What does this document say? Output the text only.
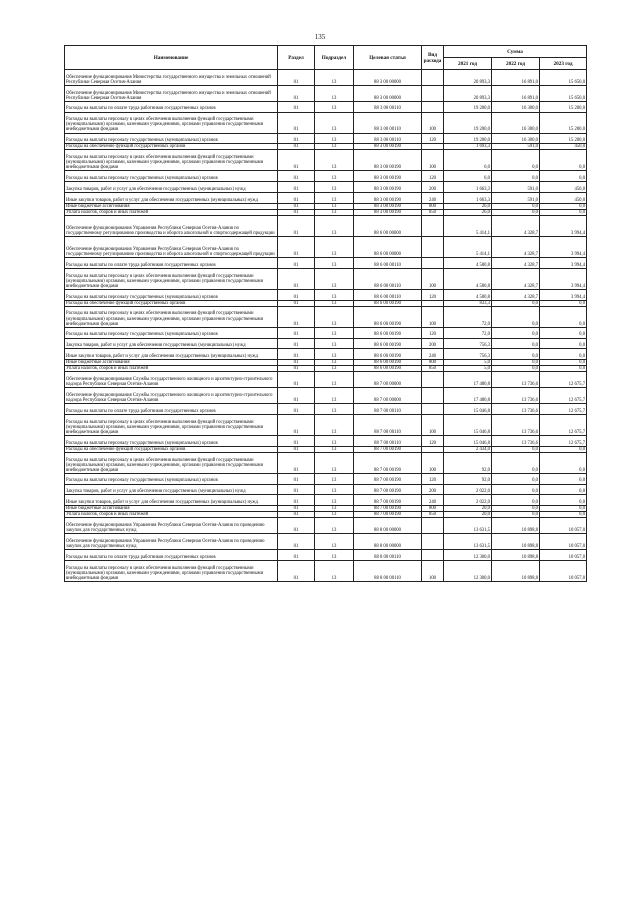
135
Наименование	Раздел	Подраздел	Целевая статья	Вид расхода	Сумма		
					2021 год	2022 год	2023 год
Обеспечение функционирования Министерства государственного имущества и земельных отношений Республики Северная Осетия-Алания	01	13	88 3 00 00000		20 893,3	16 891,0	15 650,0
Обеспечение функционирования Министерства государственного имущества и земельных отношений Республики Северная Осетия-Алания	01	13	88 3 00 00000		20 893,3	16 891,0	15 650,0
Расходы на выплаты по оплате труда работников государственных органов	01	13	88 3 00 00110		19 200,0	16 300,0	15 200,0
Расходы на выплаты персоналу в целях обеспечения выполнения функций государственными (муниципальными) органами, казенными учреждениями, органами управления государственными внебюджетными фондами	01	13	88 3 00 00110	100	19 200,0	16 300,0	15 200,0
Расходы на выплаты персоналу государственных (муниципальных) органов	01	13	88 3 00 00110	120	19 200,0	16 300,0	15 200,0
Расходы на обеспечение функций государственных органов	01	13	88 3 00 00190		1 693,3	591,0	450,0
Расходы на выплаты персоналу в целях обеспечения выполнения функций государственными (муниципальными) органами, казенными учреждениями, органами управления государственными внебюджетными фондами	01	13	88 3 00 00190	100	6,0	0,0	0,0
Расходы на выплаты персоналу государственных (муниципальных) органов	01	13	88 3 00 00190	120	6,0	0,0	0,0
Закупка товаров, работ и услуг для обеспечения государственных (муниципальных) нужд	01	13	88 3 00 00190	200	1 663,3	591,0	450,0
Иные закупки товаров, работ и услуг для обеспечения государственных (муниципальных) нужд	01	13	88 3 00 00190	240	1 663,3	591,0	450,0
Иные бюджетные ассигнования	01	13	88 3 00 00190	800	26,0	0,0	0,0
Уплата налогов, сборов и иных платежей	01	13	88 3 00 00190	850	26,0	0,0	0,0
Обеспечение функционирования Управления Республики Северная Осетия-Алания по государственному регулированию производства и оборота алкогольной и спиртосодержащей продукции	01	13	88 6 00 00000		5 414,1	4 328,7	3 994,4
Обеспечение функционирования Управления Республики Северная Осетия-Алания по государственному регулированию производства и оборота алкогольной и спиртосодержащей продукции	01	13	88 6 00 00000		5 414,1	4 328,7	3 994,4
Расходы на выплаты по оплате труда работников государственных органов	01	13	88 6 00 00110		4 580,8	4 328,7	3 994,4
Расходы на выплаты персоналу в целях обеспечения выполнения функций государственными (муниципальными) органами, казенными учреждениями, органами управления государственными внебюджетными фондами	01	13	88 6 00 00110	100	4 580,8	4 328,7	3 994,4
Расходы на выплаты персоналу государственных (муниципальных) органов	01	13	88 6 00 00110	120	4 580,8	4 328,7	3 994,4
Расходы на обеспечение функций государственных органов	01	13	88 6 00 00190		833,3	0,0	0,0
Расходы на выплаты персоналу в целях обеспечения выполнения функций государственными (муниципальными) органами, казенными учреждениями, органами управления государственными внебюджетными фондами	01	13	88 6 00 00190	100	72,0	0,0	0,0
Расходы на выплаты персоналу государственных (муниципальных) органов	01	13	88 6 00 00190	120	72,0	0,0	0,0
Закупка товаров, работ и услуг для обеспечения государственных (муниципальных) нужд	01	13	88 6 00 00190	200	756,3	0,0	0,0
Иные закупки товаров, работ и услуг для обеспечения государственных (муниципальных) нужд	01	13	88 6 00 00190	240	756,3	0,0	0,0
Иные бюджетные ассигнования	01	13	88 6 00 00190	800	5,0	0,0	0,0
Уплата налогов, сборов и иных платежей	01	13	88 6 00 00190	850	5,0	0,0	0,0
Обеспечение функционирования Службы государственного жилищного и архитектурно-строительного надзора Республики Северная Осетия-Алания	01	13	88 7 00 00000		17 480,8	13 736,6	12 675,7
Обеспечение функционирования Службы государственного жилищного и архитектурно-строительного надзора Республики Северная Осетия-Алания	01	13	88 7 00 00000		17 480,8	13 736,6	12 675,7
Расходы на выплаты по оплате труда работников государственных органов	01	13	88 7 00 00110		15 046,8	13 736,6	12 675,7
Расходы на выплаты персоналу в целях обеспечения выполнения функций государственными (муниципальными) органами, казенными учреждениями, органами управления государственными внебюджетными фондами	01	13	88 7 00 00110	100	15 046,8	13 736,6	12 675,7
Расходы на выплаты персоналу государственных (муниципальных) органов	01	13	88 7 00 00110	120	15 046,8	13 736,6	12 675,7
Расходы на обеспечение функций государственных органов	01	13	88 7 00 00190		2 434,0	0,0	0,0
Расходы на выплаты персоналу в целях обеспечения выполнения функций государственными (муниципальными) органами, казенными учреждениями, органами управления государственными внебюджетными фондами	01	13	88 7 00 00190	100	92,0	0,0	0,0
Расходы на выплаты персоналу государственных (муниципальных) органов	01	13	88 7 00 00190	120	92,0	0,0	0,0
Закупка товаров, работ и услуг для обеспечения государственных (муниципальных) нужд	01	13	88 7 00 00190	200	2 022,0	0,0	0,0
Иные закупки товаров, работ и услуг для обеспечения государственных (муниципальных) нужд	01	13	88 7 00 00190	240	2 022,0	0,0	0,0
Иные бюджетные ассигнования	01	13	88 7 00 00190	800	20,0	0,0	0,0
Уплата налогов, сборов и иных платежей	01	13	88 7 00 00190	850	20,0	0,0	0,0
Обеспечение функционирования Управления Республики Северная Осетия-Алания по проведению закупок для государственных нужд	01	13	88 8 00 00000		13 631,5	10 898,8	10 057,0
Обеспечение функционирования Управления Республики Северная Осетия-Алания по проведению закупок для государственных нужд	01	13	88 8 00 00000		13 631,5	10 898,8	10 057,0
Расходы на выплаты по оплате труда работников государственных органов	01	13	88 8 00 00110		12 300,0	10 898,8	10 057,0
Расходы на выплаты персоналу в целях обеспечения выполнения функций государственными (муниципальными) органами, казенными учреждениями, органами управления государственными внебюджетными фондами	01	13	88 8 00 00110	100	12 300,0	10 898,8	10 057,0
